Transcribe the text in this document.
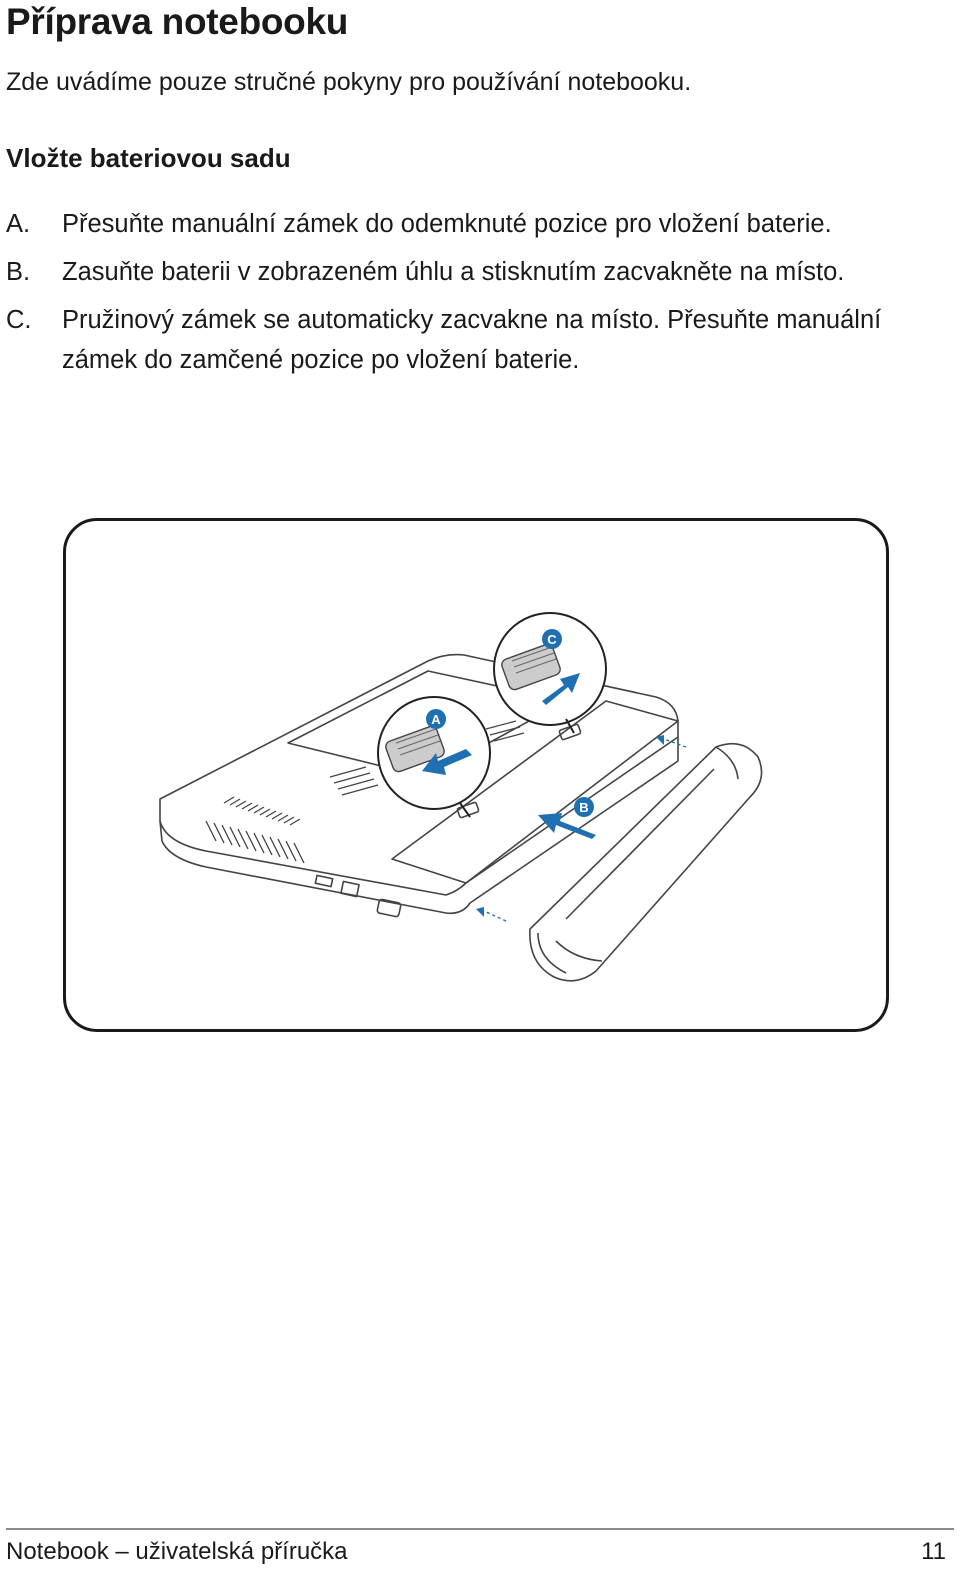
Příprava notebooku

Zde uvádíme pouze stručné pokyny pro používání notebooku.

Vložte bateriovou sadu
A.	Přesuňte manuální zámek do odemknuté pozice pro vložení baterie.
B.	Zasuňte baterii v zobrazeném úhlu a stisknutím zacvakněte na místo.
C.	Pružinový zámek se automaticky zacvakne na místo. Přesuňte manuální zámek do zamčené pozice po vložení baterie.
A
C
B
Notebook – uživatelská příručka	11
